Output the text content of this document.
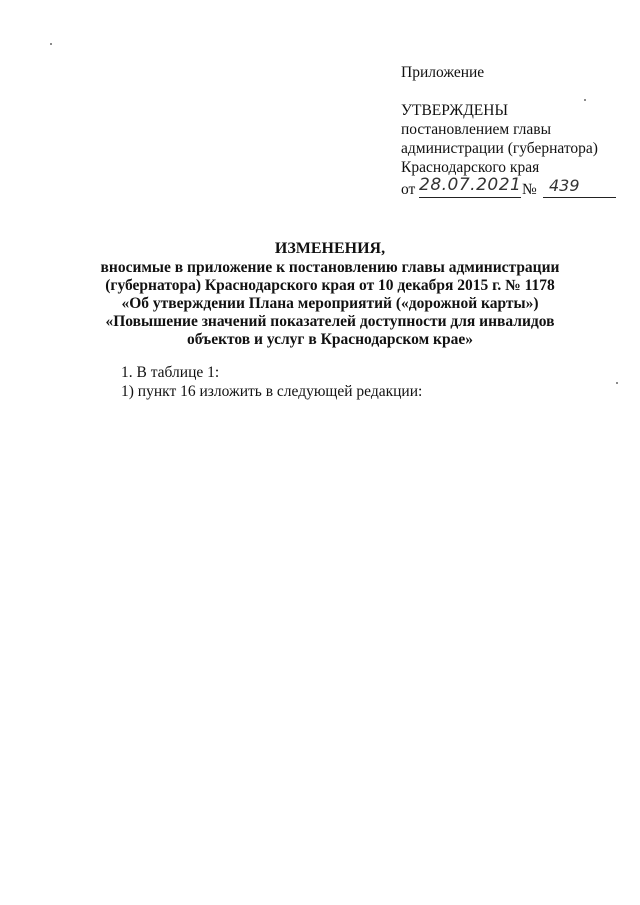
Приложение
УТВЕРЖДЕНЫ
постановлением главы
администрации (губернатора)
Краснодарского края
от 28.07.2021 № 439
ИЗМЕНЕНИЯ,
вносимые в приложение к постановлению главы администрации
(губернатора) Краснодарского края от 10 декабря 2015 г. № 1178
«Об утверждении Плана мероприятий («дорожной карты»)
«Повышение значений показателей доступности для инвалидов
объектов и услуг в Краснодарском крае»
1. В таблице 1:
1) пункт 16 изложить в следующей редакции:
